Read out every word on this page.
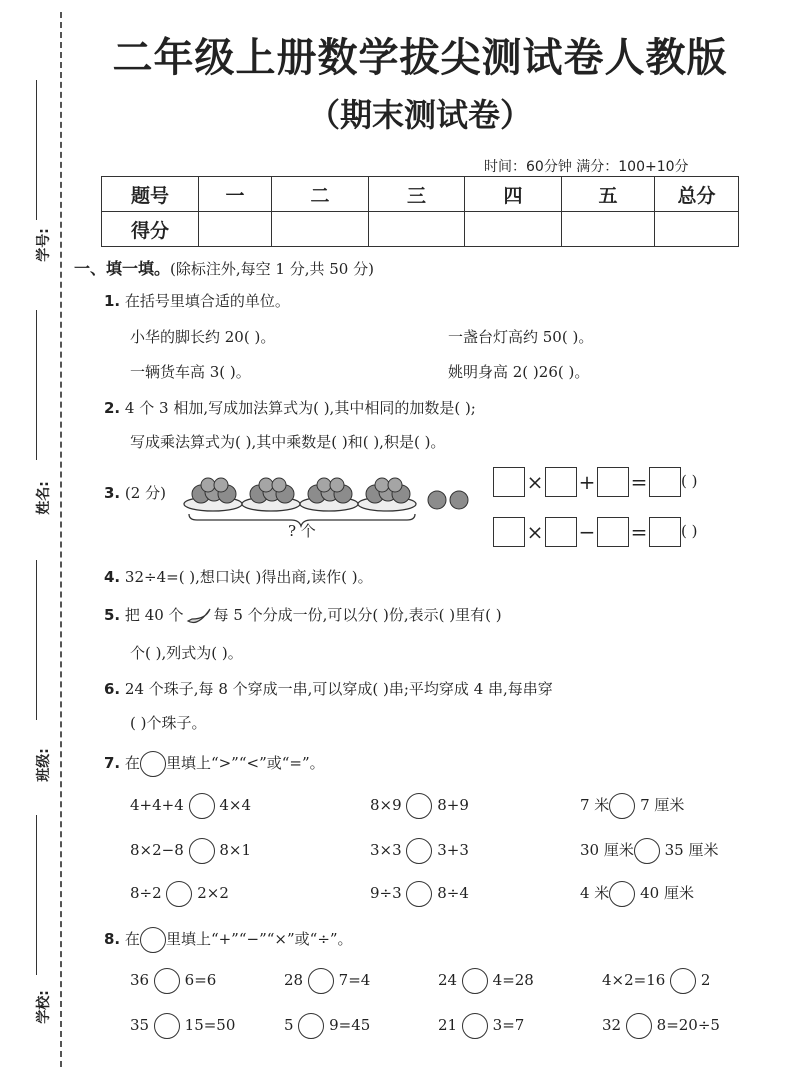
学号:
姓名:
班级:
学校:
二年级上册数学拔尖测试卷人教版
（期末测试卷）
时间：60分钟 满分：100+10分
题号	一	二	三	四	五	总分
得分						
一、填一填。(除标注外,每空 1 分,共 50 分)
1. 在括号里填合适的单位。
小华的脚长约 20( )。	一盏台灯高约 50( )。
一辆货车高 3( )。	姚明身高 2( )26( )。
2. 4 个 3 相加,写成加法算式为( ),其中相同的加数是( );
写成乘法算式为( ),其中乘数是( )和( ),积是( )。
3. (2 分)
? 个
× + = ( )
× − = ( )
4. 32÷4=( ),想口诀( )得出商,读作( )。
5. 把 40 个 每 5 个分成一份,可以分( )份,表示( )里有( )
个( ),列式为( )。
6. 24 个珠子,每 8 个穿成一串,可以穿成( )串;平均穿成 4 串,每串穿
( )个珠子。
7. 在 里填上“>”“<”或“=”。
4+4+4 4×4	8×9 8+9	7 米 7 厘米
8×2−8 8×1	3×3 3+3	30 厘米 35 厘米
8÷2 2×2	9÷3 8÷4	4 米 40 厘米
8. 在 里填上“+”“−”“×”或“÷”。
36 6=6	28 7=4	24 4=28	4×2=16 2
35 15=50	5 9=45	21 3=7	32 8=20÷5
